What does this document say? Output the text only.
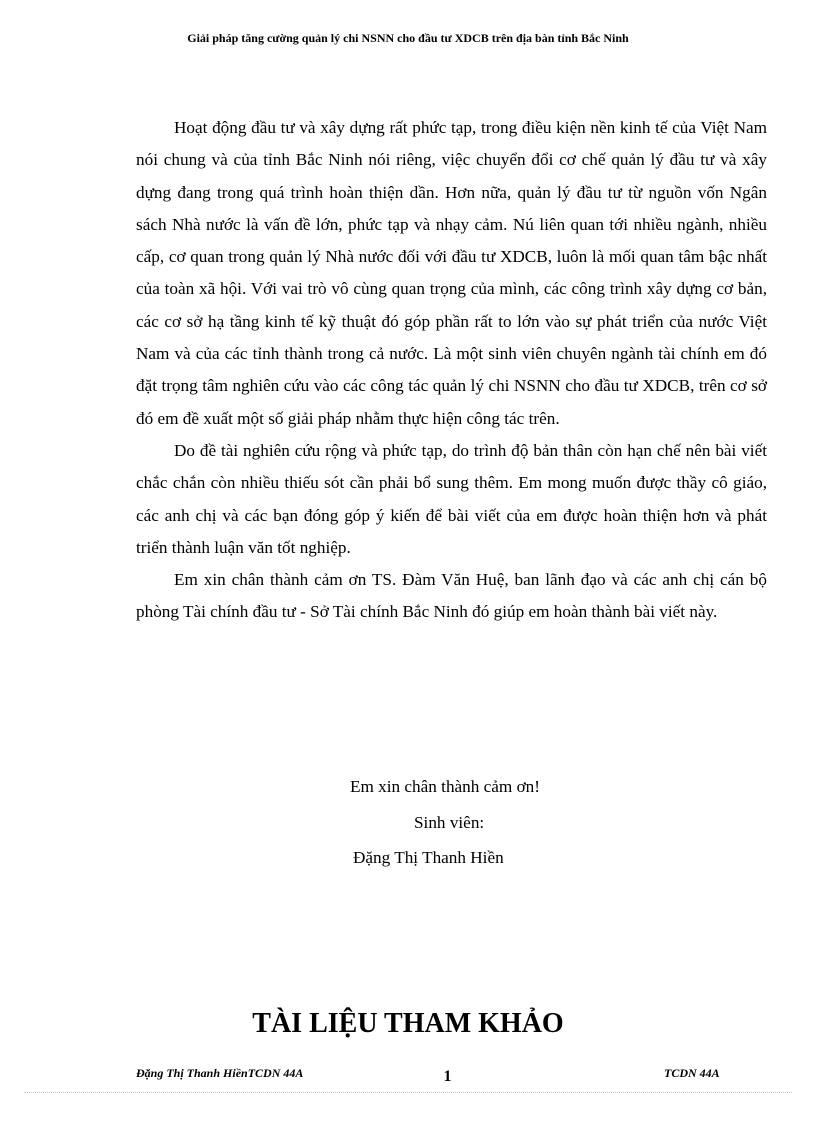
Giải pháp tăng cường quản lý chi NSNN cho đầu tư XDCB trên địa bàn tỉnh Bắc Ninh

Hoạt động đầu tư và xây dựng rất phức tạp, trong điều kiện nền kinh tế của Việt Nam nói chung và của tỉnh Bắc Ninh nói riêng, việc chuyển đổi cơ chế quản lý đầu tư và xây dựng đang trong quá trình hoàn thiện dần. Hơn nữa, quản lý đầu tư từ nguồn vốn Ngân sách Nhà nước là vấn đề lớn, phức tạp và nhạy cảm. Nú liên quan tới nhiều ngành, nhiều cấp, cơ quan trong quản lý Nhà nước đối với đầu tư XDCB, luôn là mối quan tâm bậc nhất của toàn xã hội. Với vai trò vô cùng quan trọng của mình, các công trình xây dựng cơ bản, các cơ sở hạ tầng kinh tế kỹ thuật đó góp phần rất to lớn vào sự phát triển của nước Việt Nam và của các tỉnh thành trong cả nước. Là một sinh viên chuyên ngành tài chính em đó đặt trọng tâm nghiên cứu vào các công tác quản lý chi NSNN cho đầu tư XDCB, trên cơ sở đó em đề xuất một số giải pháp nhằm thực hiện công tác trên.

Do đề tài nghiên cứu rộng và phức tạp, do trình độ bản thân còn hạn chế nên bài viết chắc chắn còn nhiều thiếu sót cần phải bổ sung thêm. Em mong muốn được thầy cô giáo, các anh chị và các bạn đóng góp ý kiến để bài viết của em được hoàn thiện hơn và phát triển thành luận văn tốt nghiệp.

Em xin chân thành cảm ơn TS. Đàm Văn Huệ, ban lãnh đạo và các anh chị cán bộ phòng Tài chính đầu tư - Sở Tài chính Bắc Ninh đó giúp em hoàn thành bài viết này.

Em xin chân thành cảm ơn!
Sinh viên:
Đặng Thị Thanh Hiền
TÀI LIỆU THAM KHẢO
Đặng Thị Thanh HiềnTCDN 44A	1	TCDN 44A
